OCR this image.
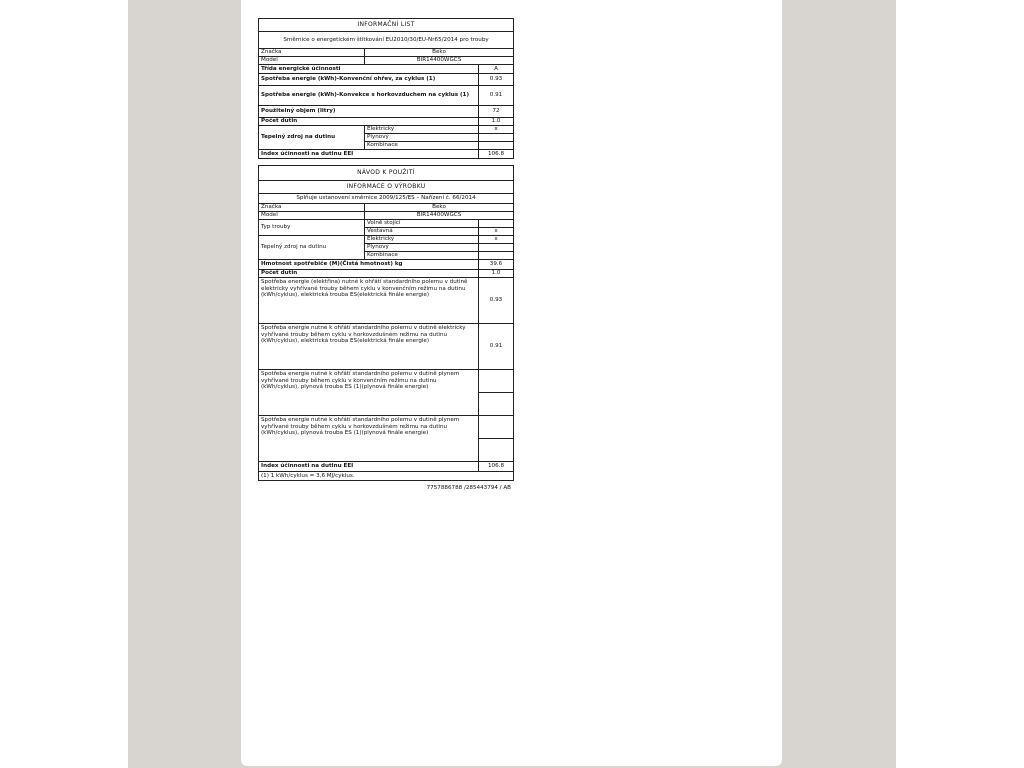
INFORMAČNÍ LIST		
Směrnice o energetickém štítkování EU2010/30/EU-Nr65/2014 pro trouby		
Značka	Beko	
Model	BIR14400WGCS	
Třída energické účinnosti		A
Spotřeba energie (kWh)-Konvenční ohřev, za cyklus (1)		0.93
Spotřeba energie (kWh)-Konvekce s horkovzduchem na cyklus (1)		0.91
Použitelný objem (litry)		72
Počet dutin		1.0
Tepelný zdroj na dutinu	Elektrický	x
	Plynový	
	Kombinace	
Index účinnosti na dutinu EEI		106.8
NÁVOD K POUŽITÍ		
INFORMACE O VÝROBKU		
Splňuje ustanovení směrnice 2009/125/ES – Nařízení č. 66/2014		
Značka	Beko	
Model	BIR14400WGCS	
Typ trouby	Volně stojící	
	Vestavná	x
Tepelný zdroj na dutinu	Elektrický	x
	Plynový	
	Kombinace	
Hmotnost spotřebiče (M)(Čistá hmotnost) kg		39.6
Počet dutin		1.0
Spotřeba energie (elektřina) nutné k ohřátí standardního polemu v dutině elektricky vyhřívané trouby během cyklu v konvenčním režimu na dutinu (kWh/cyklus), elektrická trouba ES(elektrická finále energie)		0.93
Spotřeba energie nutné k ohřátí standardního polemu v dutině elektricky vyhřívané trouby během cyklu v horkovzdušném režimu na dutinu (kWh/cyklus), elektrická trouba ES(elektrická finále energie)		0.91
Spotřeba energie nutné k ohřátí standardního polemu v dutině plynem vyhřívané trouby během cyklu v konvenčním režimu na dutinu (kWh/cyklus), plynová trouba ES (1)(plynová finále energie)		

Spotřeba energie nutné k ohřátí standardního polemu v dutině plynem vyhřívané trouby během cyklu v horkovzdušném režimu na dutinu (kWh/cyklus), plynová trouba ES (1)(plynová finále energie)		

Index účinnosti na dutinu EEI		106.8
(1) 1 kWh/cyklus = 3,6 MJ/cyklus.		
7757886788 /285443794 / AB
